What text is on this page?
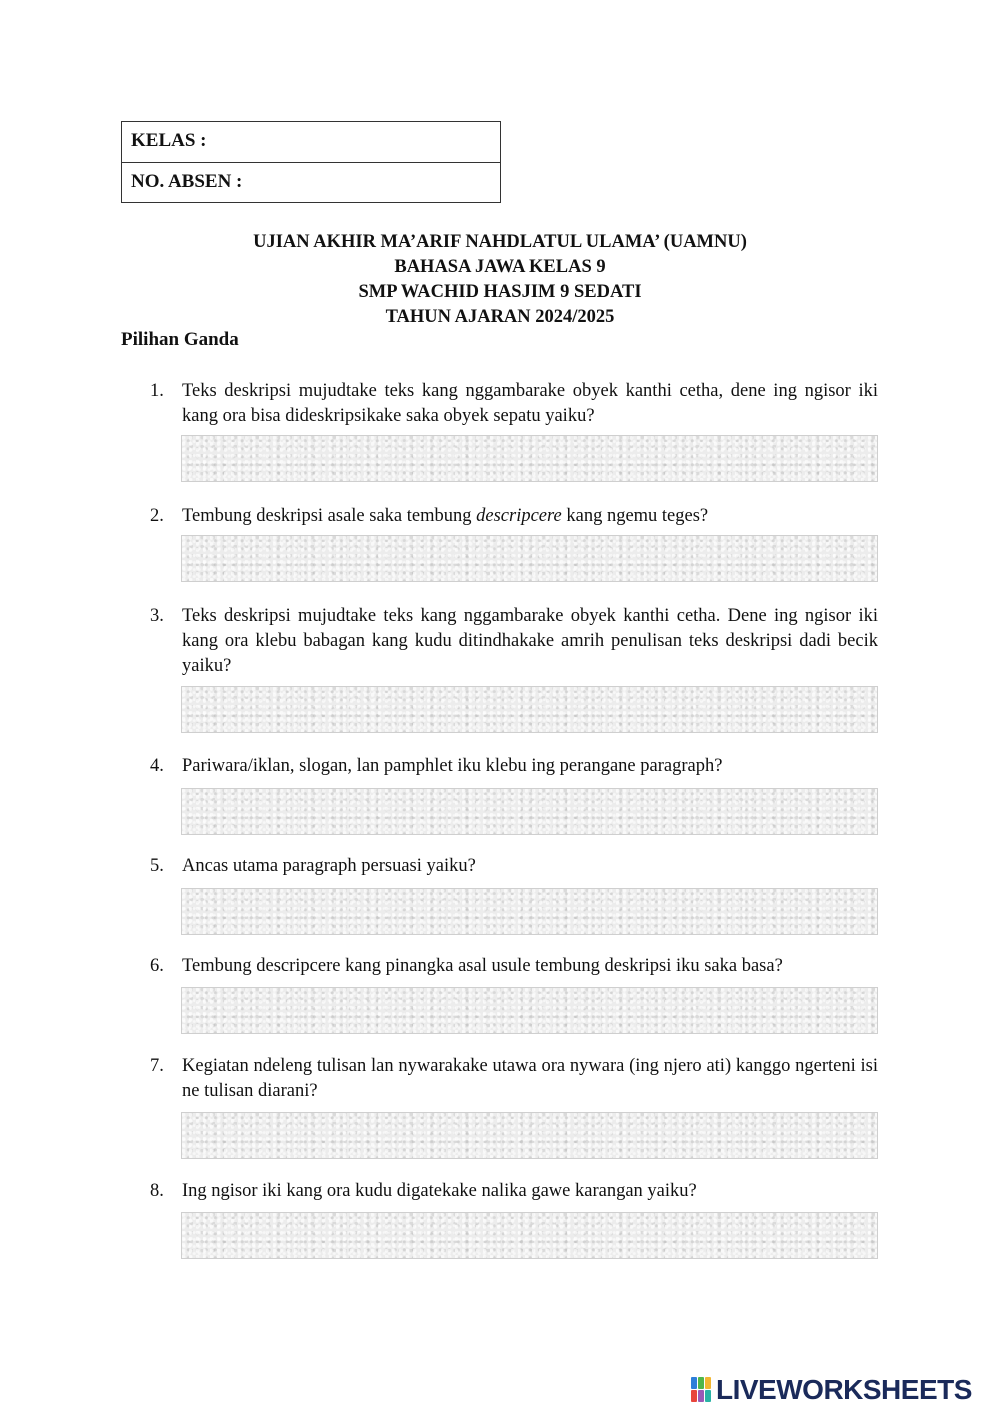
KELAS :
NO. ABSEN :
UJIAN AKHIR MA’ARIF NAHDLATUL ULAMA’ (UAMNU)
BAHASA JAWA KELAS 9
SMP WACHID HASJIM 9 SEDATI
TAHUN AJARAN 2024/2025
Pilihan Ganda
1. Teks deskripsi mujudtake teks kang nggambarake obyek kanthi cetha, dene ing ngisor iki kang ora bisa dideskripsikake saka obyek sepatu yaiku?
2. Tembung deskripsi asale saka tembung descripcere kang ngemu teges?
3. Teks deskripsi mujudtake teks kang nggambarake obyek kanthi cetha. Dene ing ngisor iki kang ora klebu babagan kang kudu ditindhakake amrih penulisan teks deskripsi dadi becik yaiku?
4. Pariwara/iklan, slogan, lan pamphlet iku klebu ing perangane paragraph?
5. Ancas utama paragraph persuasi yaiku?
6. Tembung descripcere kang pinangka asal usule tembung deskripsi iku saka basa?
7. Kegiatan ndeleng tulisan lan nywarakake utawa ora nywara (ing njero ati) kanggo ngerteni isi ne tulisan diarani?
8. Ing ngisor iki kang ora kudu digatekake nalika gawe karangan yaiku?
LIVEWORKSHEETS
